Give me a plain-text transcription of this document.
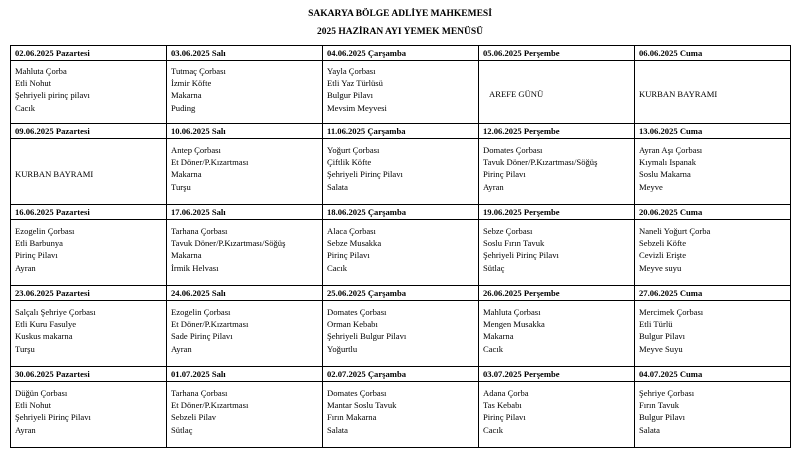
SAKARYA BÖLGE ADLİYE MAHKEMESİ
2025 HAZİRAN AYI YEMEK MENÜSÜ
02.06.2025 Pazartesi	03.06.2025 Salı	04.06.2025 Çarşamba	05.06.2025 Perşembe	06.06.2025 Cuma

Mahluta Çorba
Etli Nohut
Şehriyeli pirinç pilavı
Cacık	Tutmaç Çorbası
İzmir Köfte
Makarna
Puding	Yayla Çorbası
Etli Yaz Türlüsü
Bulgur Pilavı
Mevsim Meyvesi	AREFE GÜNÜ	KURBAN BAYRAMI

09.06.2025 Pazartesi	10.06.2025 Salı	11.06.2025 Çarşamba	12.06.2025 Perşembe	13.06.2025 Cuma

KURBAN BAYRAMI	Antep Çorbası
Et Döner/P.Kızartması
Makarna
Turşu	Yoğurt Çorbası
Çiftlik Köfte
Şehriyeli Pirinç Pilavı
Salata	Domates Çorbası
Tavuk Döner/P.Kızartması/Söğüş
Pirinç Pilavı
Ayran	Ayran Aşı Çorbası
Kıymalı Ispanak
Soslu Makarna
Meyve

16.06.2025 Pazartesi	17.06.2025 Salı	18.06.2025 Çarşamba	19.06.2025 Perşembe	20.06.2025 Cuma

Ezogelin Çorbası
Etli Barbunya
Pirinç Pilavı
Ayran	Tarhana Çorbası
Tavuk Döner/P.Kızartması/Söğüş
Makarna
İrmik Helvası	Alaca Çorbası
Sebze Musakka
Pirinç Pilavı
Cacık	Sebze Çorbası
Soslu Fırın Tavuk
Şehriyeli Pirinç Pilavı
Sütlaç	Naneli Yoğurt Çorba
Sebzeli Köfte
Cevizli Erişte
Meyve suyu

23.06.2025 Pazartesi	24.06.2025 Salı	25.06.2025 Çarşamba	26.06.2025 Perşembe	27.06.2025 Cuma

Salçalı Şehriye Çorbası
Etli Kuru Fasulye
Kuskus makarna
Turşu	Ezogelin Çorbası
Et Döner/P.Kızartması
Sade Pirinç Pilavı
Ayran	Domates Çorbası
Orman Kebabı
Şehriyeli Bulgur Pilavı
Yoğurtlu	Mahluta Çorbası
Mengen Musakka
Makarna
Cacık	Mercimek Çorbası
Etli Türlü
Bulgur Pilavı
Meyve Suyu

30.06.2025 Pazartesi	01.07.2025 Salı	02.07.2025 Çarşamba	03.07.2025 Perşembe	04.07.2025 Cuma

Düğün Çorbası
Etli Nohut
Şehriyeli Pirinç Pilavı
Ayran	Tarhana Çorbası
Et Döner/P.Kızartması
Sebzeli Pilav
Sütlaç	Domates Çorbası
Mantar Soslu Tavuk
Fırın Makarna
Salata	Adana Çorba
Tas Kebabı
Pirinç Pilavı
Cacık	Şehriye Çorbası
Fırın Tavuk
Bulgur Pilavı
Salata
